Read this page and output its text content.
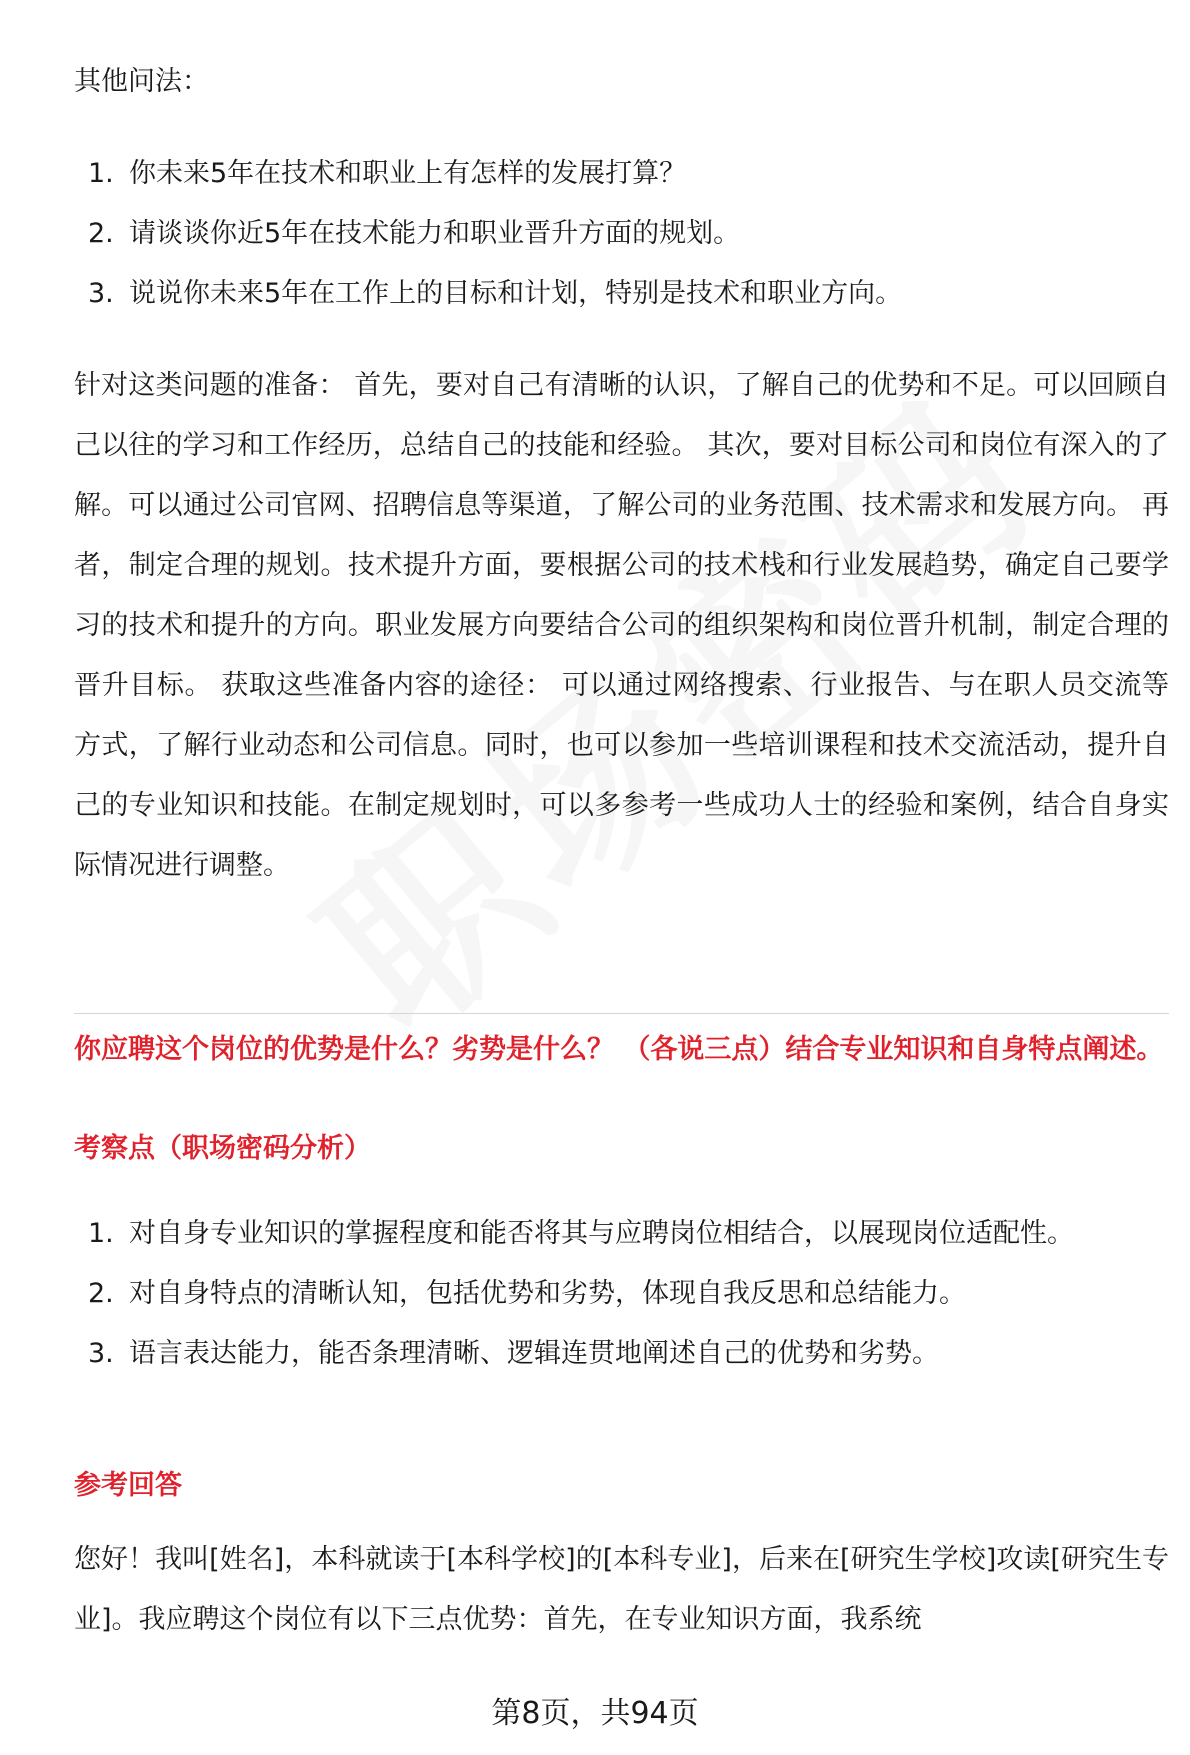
其他问法：
1. 你未来5年在技术和职业上有怎样的发展打算？
2. 请谈谈你近5年在技术能力和职业晋升方面的规划。
3. 说说你未来5年在工作上的目标和计划，特别是技术和职业方向。
针对这类问题的准备： 首先，要对自己有清晰的认识，了解自己的优势和不足。可以回顾自己以往的学习和工作经历，总结自己的技能和经验。 其次，要对目标公司和岗位有深入的了解。可以通过公司官网、招聘信息等渠道，了解公司的业务范围、技术需求和发展方向。 再者，制定合理的规划。技术提升方面，要根据公司的技术栈和行业发展趋势，确定自己要学习的技术和提升的方向。职业发展方向要结合公司的组织架构和岗位晋升机制，制定合理的晋升目标。 获取这些准备内容的途径： 可以通过网络搜索、行业报告、与在职人员交流等方式，了解行业动态和公司信息。同时，也可以参加一些培训课程和技术交流活动，提升自己的专业知识和技能。在制定规划时，可以多参考一些成功人士的经验和案例，结合自身实际情况进行调整。
你应聘这个岗位的优势是什么？劣势是什么？ （各说三点）结合专业知识和自身特点阐述。
考察点（职场密码分析）
1. 对自身专业知识的掌握程度和能否将其与应聘岗位相结合，以展现岗位适配性。
2. 对自身特点的清晰认知，包括优势和劣势，体现自我反思和总结能力。
3. 语言表达能力，能否条理清晰、逻辑连贯地阐述自己的优势和劣势。
参考回答
您好！我叫[姓名]，本科就读于[本科学校]的[本科专业]，后来在[研究生学校]攻读[研究生专业]。我应聘这个岗位有以下三点优势：首先，在专业知识方面，我系统
第8页，共94页
